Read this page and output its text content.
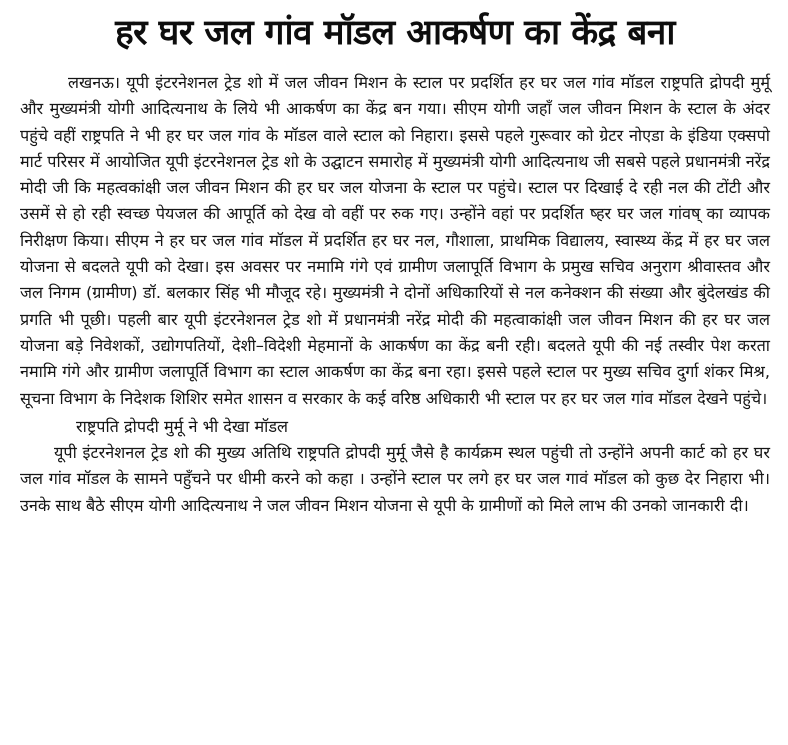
हर घर जल गांव मॉडल आकर्षण का केंद्र बना

लखनऊ। यूपी इंटरनेशनल ट्रेड शो में जल जीवन मिशन के स्टाल पर प्रदर्शित हर घर जल गांव मॉडल राष्ट्रपति द्रोपदी मुर्मू और मुख्यमंत्री योगी आदित्यनाथ के लिये भी आकर्षण का केंद्र बन गया। सीएम योगी जहाँ जल जीवन मिशन के स्टाल के अंदर पहुंचे वहीं राष्ट्रपति ने भी हर घर जल गांव के मॉडल वाले स्टाल को निहारा। इससे पहले गुरूवार को ग्रेटर नोएडा के इंडिया एक्सपो मार्ट परिसर में आयोजित यूपी इंटरनेशनल ट्रेड शो के उद्घाटन समारोह में मुख्यमंत्री योगी आदित्यनाथ जी सबसे पहले प्रधानमंत्री नरेंद्र मोदी जी कि महत्वकांक्षी जल जीवन मिशन की हर घर जल योजना के स्टाल पर पहुंचे। स्टाल पर दिखाई दे रही नल की टोंटी और उसमें से हो रही स्वच्छ पेयजल की आपूर्ति को देख वो वहीं पर रुक गए। उन्होंने वहां पर प्रदर्शित ष्हर घर जल गांवष् का व्यापक निरीक्षण किया। सीएम ने हर घर जल गांव मॉडल में प्रदर्शित हर घर नल, गौशाला, प्राथमिक विद्यालय, स्वास्थ्य केंद्र में हर घर जल योजना से बदलते यूपी को देखा। इस अवसर पर नमामि गंगे एवं ग्रामीण जलापूर्ति विभाग के प्रमुख सचिव अनुराग श्रीवास्तव और जल निगम (ग्रामीण) डॉ. बलकार सिंह भी मौजूद रहे। मुख्यमंत्री ने दोनों अधिकारियों से नल कनेक्शन की संख्या और बुंदेलखंड की प्रगति भी पूछी। पहली बार यूपी इंटरनेशनल ट्रेड शो में प्रधानमंत्री नरेंद्र मोदी की महत्वाकांक्षी जल जीवन मिशन की हर घर जल योजना बड़े निवेशकों, उद्योगपतियों, देशी–विदेशी मेहमानों के आकर्षण का केंद्र बनी रही। बदलते यूपी की नई तस्वीर पेश करता नमामि गंगे और ग्रामीण जलापूर्ति विभाग का स्टाल आकर्षण का केंद्र बना रहा। इससे पहले स्टाल पर मुख्य सचिव दुर्गा शंकर मिश्र, सूचना विभाग के निदेशक शिशिर समेत शासन व सरकार के कई वरिष्ठ अधिकारी भी स्टाल पर हर घर जल गांव मॉडल देखने पहुंचे।

राष्ट्रपति द्रोपदी मुर्मू ने भी देखा मॉडल

यूपी इंटरनेशनल ट्रेड शो की मुख्य अतिथि राष्ट्रपति द्रोपदी मुर्मू जैसे है कार्यक्रम स्थल पहुंची तो उन्होंने अपनी कार्ट को हर घर जल गांव मॉडल के सामने पहुँचने पर धीमी करने को कहा । उन्होंने स्टाल पर लगे हर घर जल गावं मॉडल को कुछ देर निहारा भी। उनके साथ बैठे सीएम योगी आदित्यनाथ ने जल जीवन मिशन योजना से यूपी के ग्रामीणों को मिले लाभ की उनको जानकारी दी।
